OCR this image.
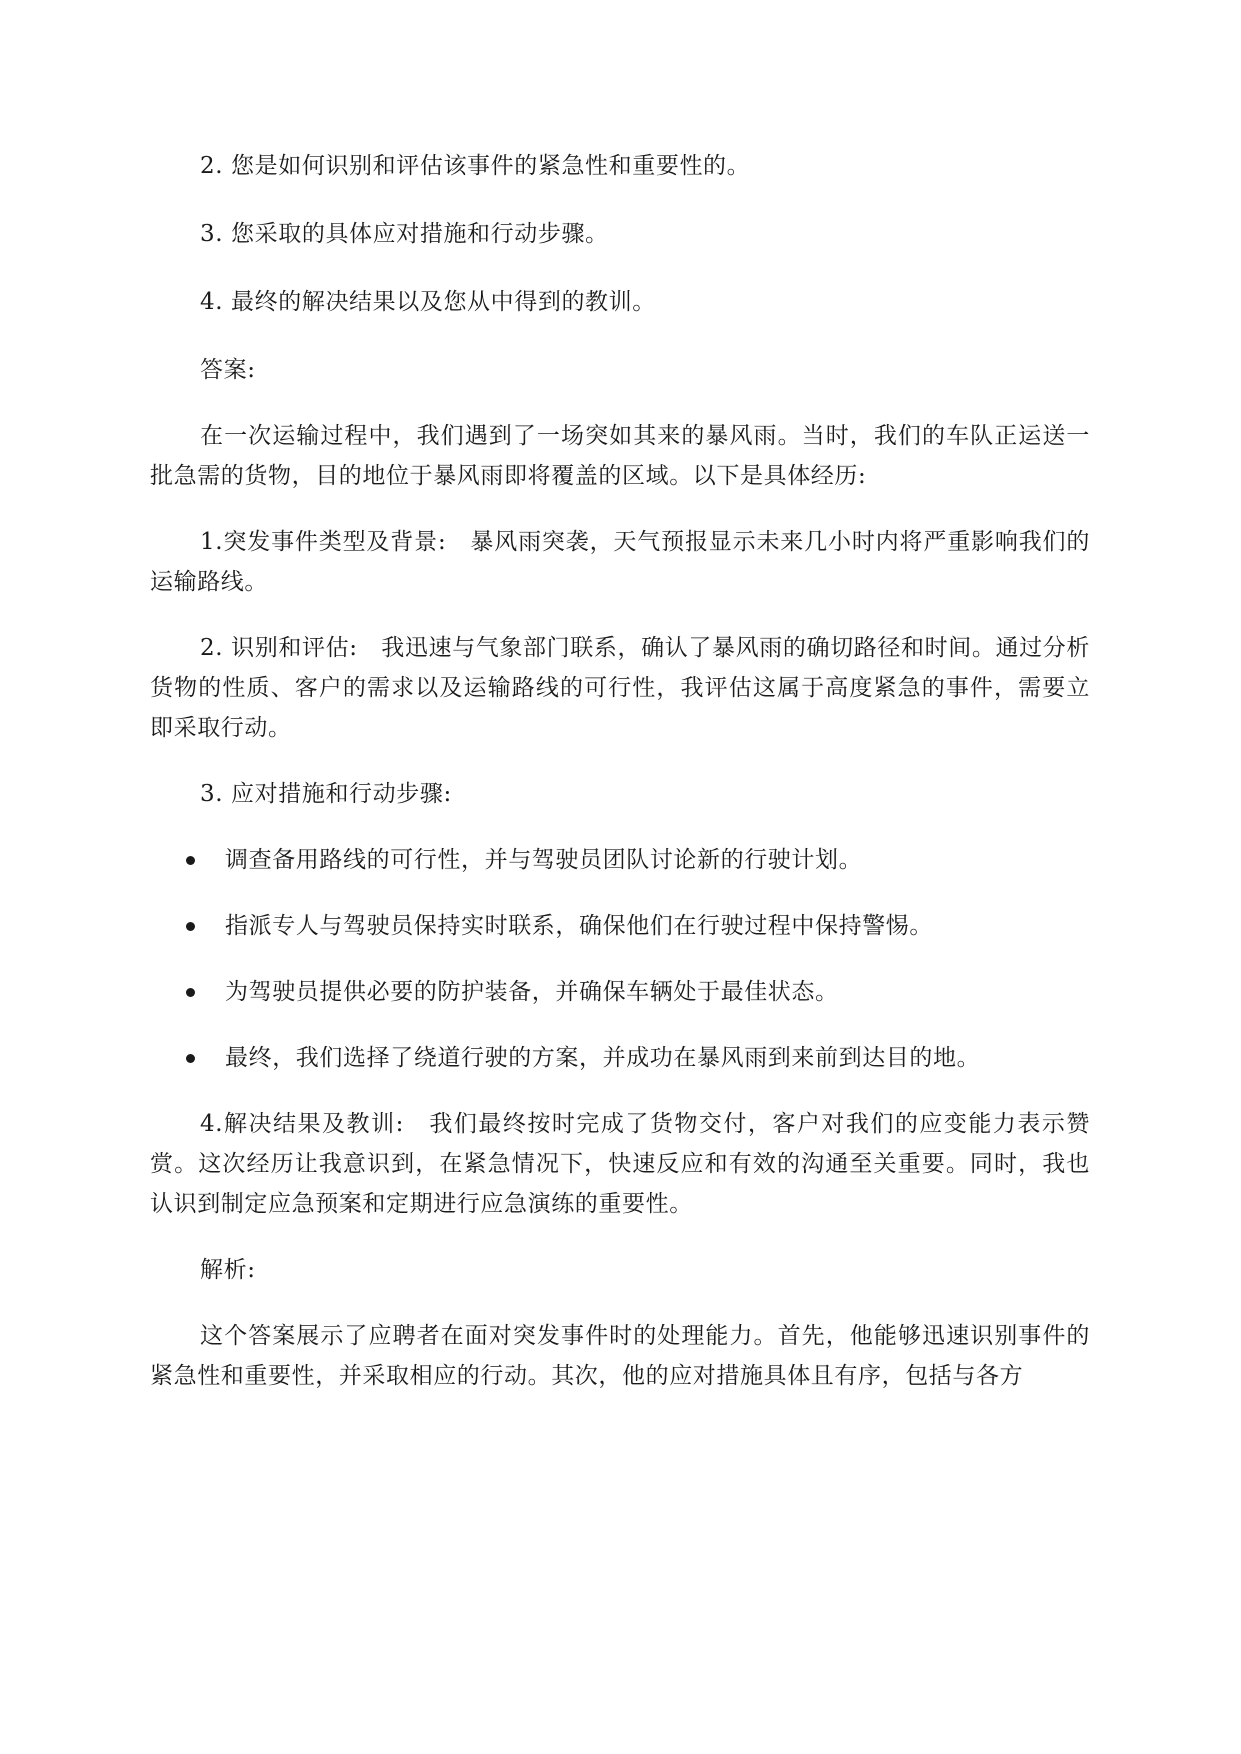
2. 您是如何识别和评估该事件的紧急性和重要性的。

3. 您采取的具体应对措施和行动步骤。

4. 最终的解决结果以及您从中得到的教训。

答案:

在一次运输过程中，我们遇到了一场突如其来的暴风雨。当时，我们的车队正运送一批急需的货物，目的地位于暴风雨即将覆盖的区域。以下是具体经历:

1.突发事件类型及背景:　暴风雨突袭，天气预报显示未来几小时内将严重影响我们的运输路线。

2. 识别和评估:　我迅速与气象部门联系，确认了暴风雨的确切路径和时间。通过分析货物的性质、客户的需求以及运输路线的可行性，我评估这属于高度紧急的事件，需要立即采取行动。

3. 应对措施和行动步骤:

调查备用路线的可行性，并与驾驶员团队讨论新的行驶计划。
指派专人与驾驶员保持实时联系，确保他们在行驶过程中保持警惕。
为驾驶员提供必要的防护装备，并确保车辆处于最佳状态。
最终，我们选择了绕道行驶的方案，并成功在暴风雨到来前到达目的地。

4.解决结果及教训:　我们最终按时完成了货物交付，客户对我们的应变能力表示赞赏。这次经历让我意识到，在紧急情况下，快速反应和有效的沟通至关重要。同时，我也认识到制定应急预案和定期进行应急演练的重要性。

解析:

这个答案展示了应聘者在面对突发事件时的处理能力。首先，他能够迅速识别事件的紧急性和重要性，并采取相应的行动。其次，他的应对措施具体且有序，包括与各方
